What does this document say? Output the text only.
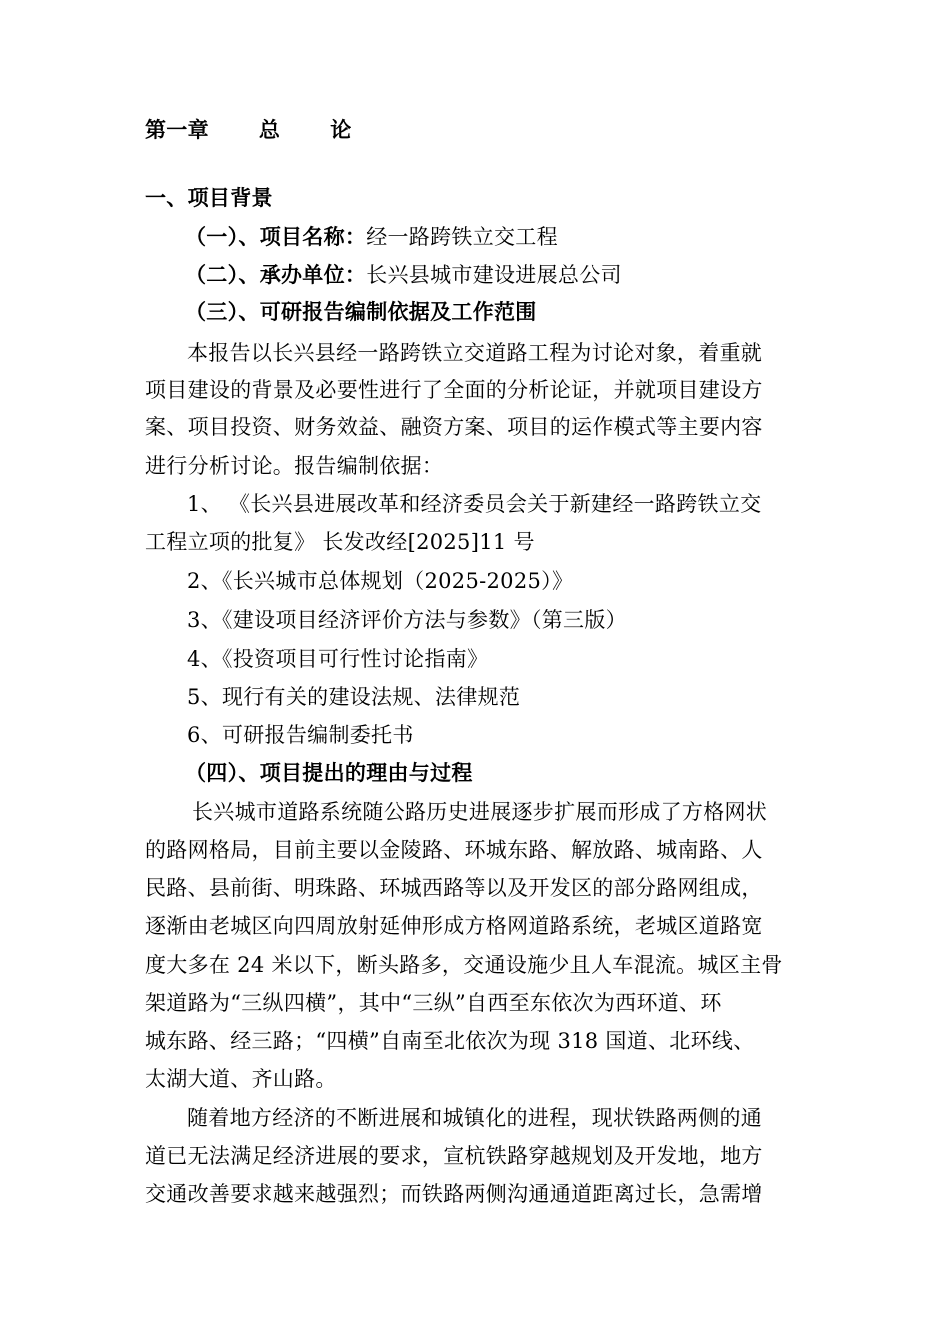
第一章 总 论
一、项目背景
（一）、项目名称：经一路跨铁立交工程
（二）、承办单位：长兴县城市建设进展总公司
（三）、可研报告编制依据及工作范围
本报告以长兴县经一路跨铁立交道路工程为讨论对象，着重就
项目建设的背景及必要性进行了全面的分析论证，并就项目建设方
案、项目投资、财务效益、融资方案、项目的运作模式等主要内容
进行分析讨论。报告编制依据：
1、 《长兴县进展改革和经济委员会关于新建经一路跨铁立交
工程立项的批复》 长发改经[2025]11 号
2、《长兴城市总体规划（2025-2025）》
3、《建设项目经济评价方法与参数》（第三版）
4、《投资项目可行性讨论指南》
5、现行有关的建设法规、法律规范
6、可研报告编制委托书
（四）、项目提出的理由与过程
长兴城市道路系统随公路历史进展逐步扩展而形成了方格网状
的路网格局，目前主要以金陵路、环城东路、解放路、城南路、人
民路、县前街、明珠路、环城西路等以及开发区的部分路网组成，
逐渐由老城区向四周放射延伸形成方格网道路系统，老城区道路宽
度大多在 24 米以下，断头路多，交通设施少且人车混流。城区主骨
架道路为“三纵四横”，其中“三纵”自西至东依次为西环道、环
城东路、经三路；“四横”自南至北依次为现 318 国道、北环线、
太湖大道、齐山路。
随着地方经济的不断进展和城镇化的进程，现状铁路两侧的通
道已无法满足经济进展的要求，宣杭铁路穿越规划及开发地，地方
交通改善要求越来越强烈；而铁路两侧沟通通道距离过长，急需增
